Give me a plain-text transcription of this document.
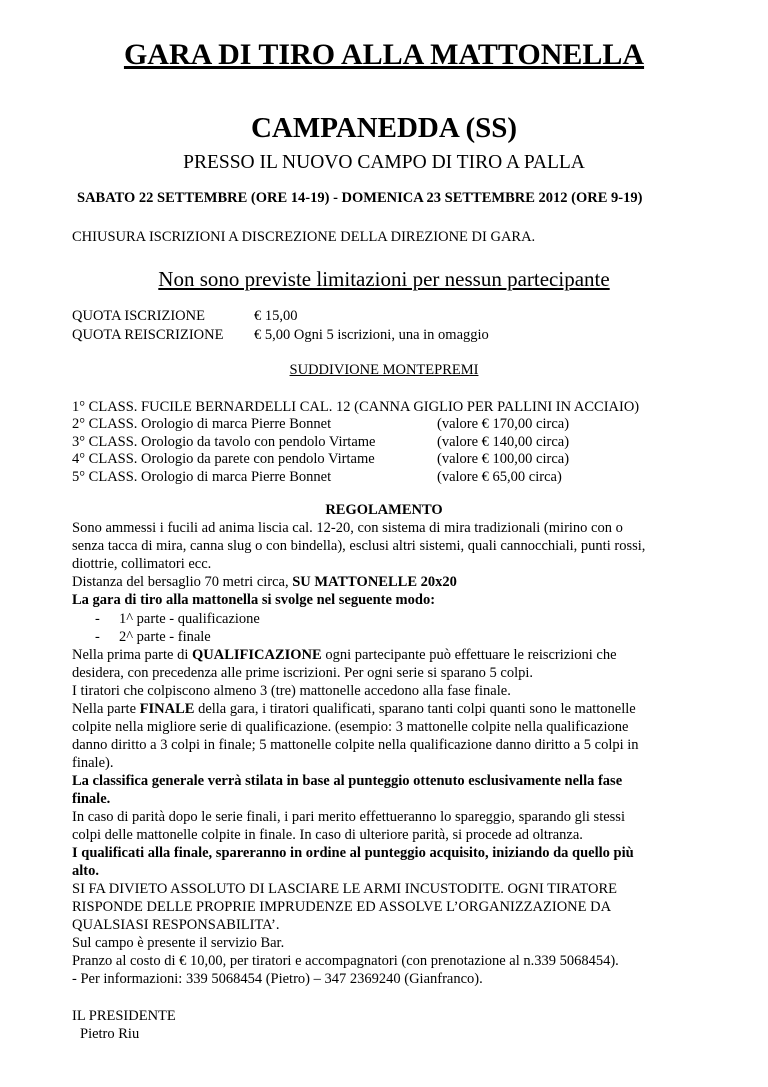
GARA DI TIRO ALLA MATTONELLA
CAMPANEDDA (SS)
PRESSO IL NUOVO CAMPO DI TIRO A PALLA
SABATO 22 SETTEMBRE (ORE 14-19) - DOMENICA 23 SETTEMBRE 2012 (ORE 9-19)
CHIUSURA ISCRIZIONI A DISCREZIONE DELLA DIREZIONE DI GARA.
Non sono previste limitazioni per nessun partecipante
QUOTA ISCRIZIONE	€ 15,00
QUOTA REISCRIZIONE € 5,00 Ogni 5 iscrizioni, una in omaggio
SUDDIVIONE MONTEPREMI
1° CLASS. FUCILE BERNARDELLI CAL. 12 (CANNA GIGLIO PER PALLINI IN ACCIAIO)
2° CLASS. Orologio di marca Pierre Bonnet	(valore € 170,00 circa)
3° CLASS. Orologio da tavolo con pendolo Virtame	(valore € 140,00 circa)
4° CLASS. Orologio da parete con pendolo Virtame	(valore € 100,00 circa)
5° CLASS. Orologio di marca Pierre Bonnet	(valore € 65,00 circa)
REGOLAMENTO
Sono ammessi i fucili ad anima liscia cal. 12-20, con sistema di mira tradizionali (mirino con o
senza tacca di mira, canna slug o con bindella), esclusi altri sistemi, quali cannocchiali, punti rossi,
diottrie, collimatori ecc.
Distanza del bersaglio 70 metri circa, SU MATTONELLE 20x20
La gara di tiro alla mattonella si svolge nel seguente modo:
- 1^ parte - qualificazione
- 2^ parte - finale
Nella prima parte di QUALIFICAZIONE ogni partecipante può effettuare le reiscrizioni che
desidera, con precedenza alle prime iscrizioni. Per ogni serie si sparano 5 colpi.
I tiratori che colpiscono almeno 3 (tre) mattonelle accedono alla fase finale.
Nella parte FINALE della gara, i tiratori qualificati, sparano tanti colpi quanti sono le mattonelle
colpite nella migliore serie di qualificazione. (esempio: 3 mattonelle colpite nella qualificazione
danno diritto a 3 colpi in finale; 5 mattonelle colpite nella qualificazione danno diritto a 5 colpi in
finale).
La classifica generale verrà stilata in base al punteggio ottenuto esclusivamente nella fase
finale.
In caso di parità dopo le serie finali, i pari merito effettueranno lo spareggio, sparando gli stessi
colpi delle mattonelle colpite in finale. In caso di ulteriore parità, si procede ad oltranza.
I qualificati alla finale, spareranno in ordine al punteggio acquisito, iniziando da quello più
alto.
SI FA DIVIETO ASSOLUTO DI LASCIARE LE ARMI INCUSTODITE. OGNI TIRATORE
RISPONDE DELLE PROPRIE IMPRUDENZE ED ASSOLVE L’ORGANIZZAZIONE DA
QUALSIASI RESPONSABILITA’.
Sul campo è presente il servizio Bar.
Pranzo al costo di € 10,00, per tiratori e accompagnatori (con prenotazione al n.339 5068454).
- Per informazioni: 339 5068454 (Pietro) – 347 2369240 (Gianfranco).
IL PRESIDENTE
Pietro Riu
